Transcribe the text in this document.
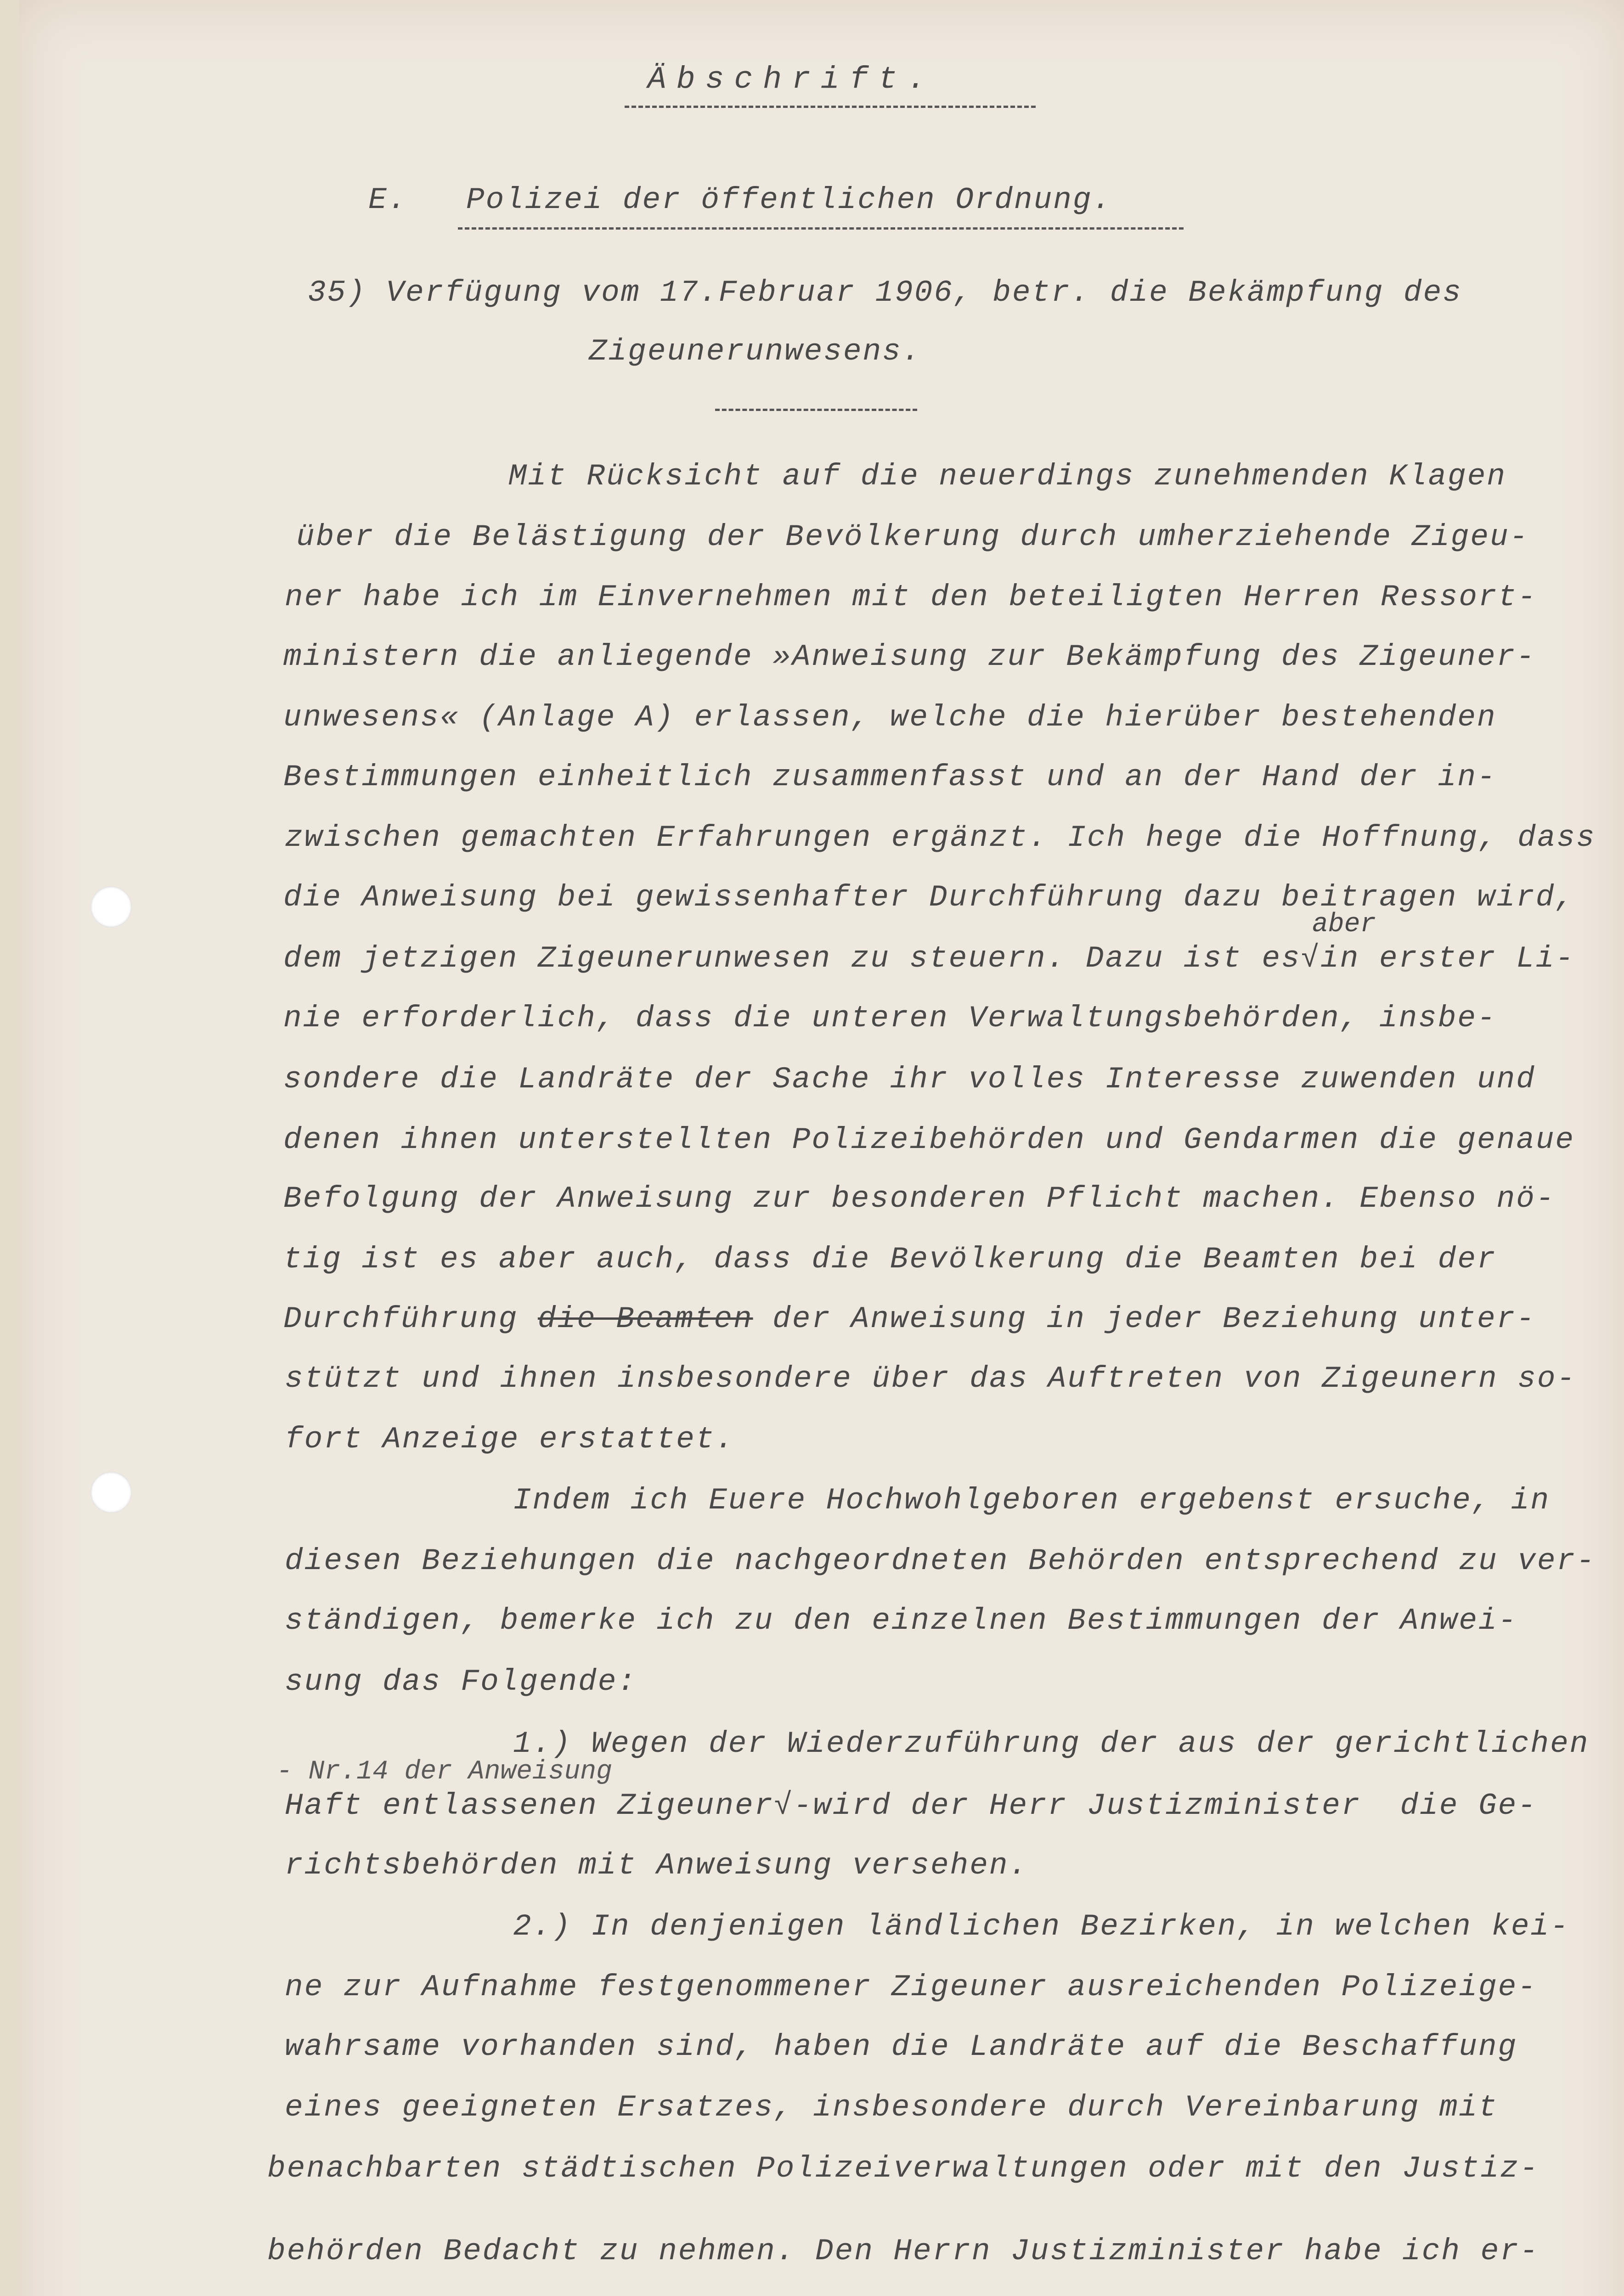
Äbschrift.
E.   Polizei der öffentlichen Ordnung.
35) Verfügung vom 17.Februar 1906, betr. die Bekämpfung des
Zigeunerunwesens.
Mit Rücksicht auf die neuerdings zunehmenden Klagen
über die Belästigung der Bevölkerung durch umherziehende Zigeu-
ner habe ich im Einvernehmen mit den beteiligten Herren Ressort-
ministern die anliegende »Anweisung zur Bekämpfung des Zigeuner-
unwesens« (Anlage A) erlassen, welche die hierüber bestehenden
Bestimmungen einheitlich zusammenfasst und an der Hand der in-
zwischen gemachten Erfahrungen ergänzt. Ich hege die Hoffnung, dass
die Anweisung bei gewissenhafter Durchführung dazu beitragen wird,
aber
dem jetzigen Zigeunerunwesen zu steuern. Dazu ist es√in erster Li-
nie erforderlich, dass die unteren Verwaltungsbehörden, insbe-
sondere die Landräte der Sache ihr volles Interesse zuwenden und
denen ihnen unterstellten Polizeibehörden und Gendarmen die genaue
Befolgung der Anweisung zur besonderen Pflicht machen. Ebenso nö-
tig ist es aber auch, dass die Bevölkerung die Beamten bei der
Durchführung die Beamten der Anweisung in jeder Beziehung unter-
stützt und ihnen insbesondere über das Auftreten von Zigeunern so-
fort Anzeige erstattet.
Indem ich Euere Hochwohlgeboren ergebenst ersuche, in
diesen Beziehungen die nachgeordneten Behörden entsprechend zu ver-
ständigen, bemerke ich zu den einzelnen Bestimmungen der Anwei-
sung das Folgende:
1.) Wegen der Wiederzuführung der aus der gerichtlichen
- Nr.14 der Anweisung
Haft entlassenen Zigeuner√-wird der Herr Justizminister  die Ge-
richtsbehörden mit Anweisung versehen.
2.) In denjenigen ländlichen Bezirken, in welchen kei-
ne zur Aufnahme festgenommener Zigeuner ausreichenden Polizeige-
wahrsame vorhanden sind, haben die Landräte auf die Beschaffung
eines geeigneten Ersatzes, insbesondere durch Vereinbarung mit
benachbarten städtischen Polizeiverwaltungen oder mit den Justiz-
behörden Bedacht zu nehmen. Den Herrn Justizminister habe ich er-
